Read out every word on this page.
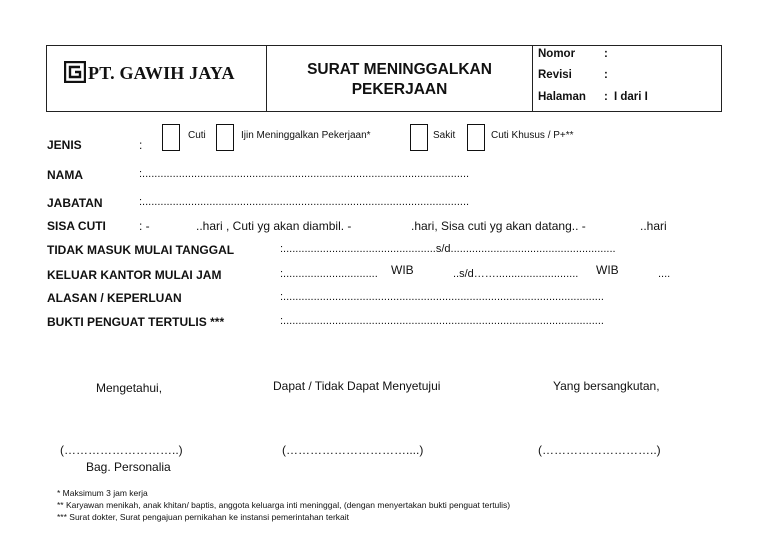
PT. GAWIH JAYA	SURAT MENINGGALKAN
PEKERJAAN
Nomor	:
Revisi	:
Halaman : I dari I
JENIS	:
Cuti	Ijin Meninggalkan Pekerjaan*	Sakit	Cuti Khusus / P+**
NAMA	:...........................................................................................................
JABATAN	:...........................................................................................................
SISA CUTI	: -	..hari , Cuti yg akan diambil. -	.hari, Sisa cuti yg akan datang.. -	..hari
TIDAK MASUK MULAI TANGGAL	:..................................................s/d......................................................
KELUAR KANTOR MULAI JAM	:............................... WIB	..s/d……........................... WIB	....
ALASAN / KEPERLUAN	:.........................................................................................................
BUKTI PENGUAT TERTULIS ***	:.........................................................................................................
Mengetahui,	Dapat / Tidak Dapat Menyetujui	Yang bersangkutan,
(………………………..)	(…………………………....)	(………………………..)
Bag. Personalia
* Maksimum 3 jam kerja
** Karyawan menikah, anak khitan/ baptis, anggota keluarga inti meninggal, (dengan menyertakan bukti penguat tertulis)
*** Surat dokter, Surat pengajuan pernikahan ke instansi pemerintahan terkait
